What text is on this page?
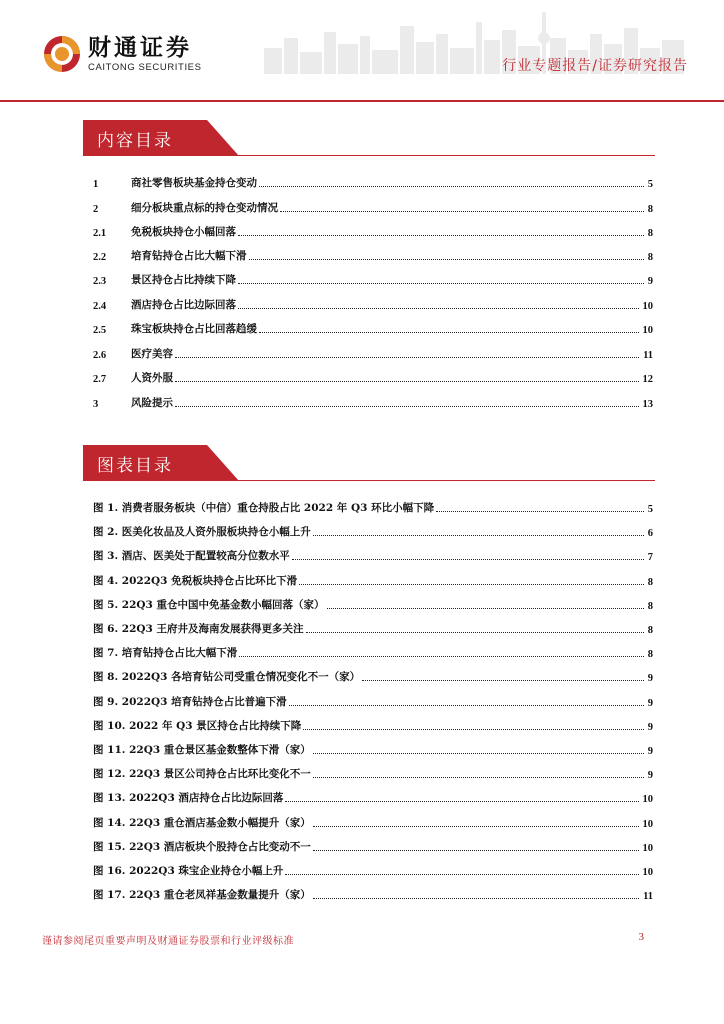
财通证券
CAITONG SECURITIES	行业专题报告/证券研究报告
内容目录
1	商社零售板块基金持仓变动	5
2	细分板块重点标的持仓变动情况	8
2.1	免税板块持仓小幅回落	8
2.2	培育钻持仓占比大幅下滑	8
2.3	景区持仓占比持续下降	9
2.4	酒店持仓占比边际回落	10
2.5	珠宝板块持仓占比回落趋缓	10
2.6	医疗美容	11
2.7	人资外服	12
3	风险提示	13
图表目录
图 1. 消费者服务板块（中信）重仓持股占比 2022 年 Q3 环比小幅下降	5
图 2. 医美化妆品及人资外服板块持仓小幅上升	6
图 3. 酒店、医美处于配置较高分位数水平	7
图 4. 2022Q3 免税板块持仓占比环比下滑	8
图 5. 22Q3 重仓中国中免基金数小幅回落（家）	8
图 6. 22Q3 王府井及海南发展获得更多关注	8
图 7. 培育钻持仓占比大幅下滑	8
图 8. 2022Q3 各培育钻公司受重仓情况变化不一（家）	9
图 9. 2022Q3 培育钻持仓占比普遍下滑	9
图 10. 2022 年 Q3 景区持仓占比持续下降	9
图 11. 22Q3 重仓景区基金数整体下滑（家）	9
图 12. 22Q3 景区公司持仓占比环比变化不一	9
图 13. 2022Q3 酒店持仓占比边际回落	10
图 14. 22Q3 重仓酒店基金数小幅提升（家）	10
图 15. 22Q3 酒店板块个股持仓占比变动不一	10
图 16. 2022Q3 珠宝企业持仓小幅上升	10
图 17. 22Q3 重仓老凤祥基金数量提升（家）	11
谨请参阅尾页重要声明及财通证券股票和行业评级标准	3
